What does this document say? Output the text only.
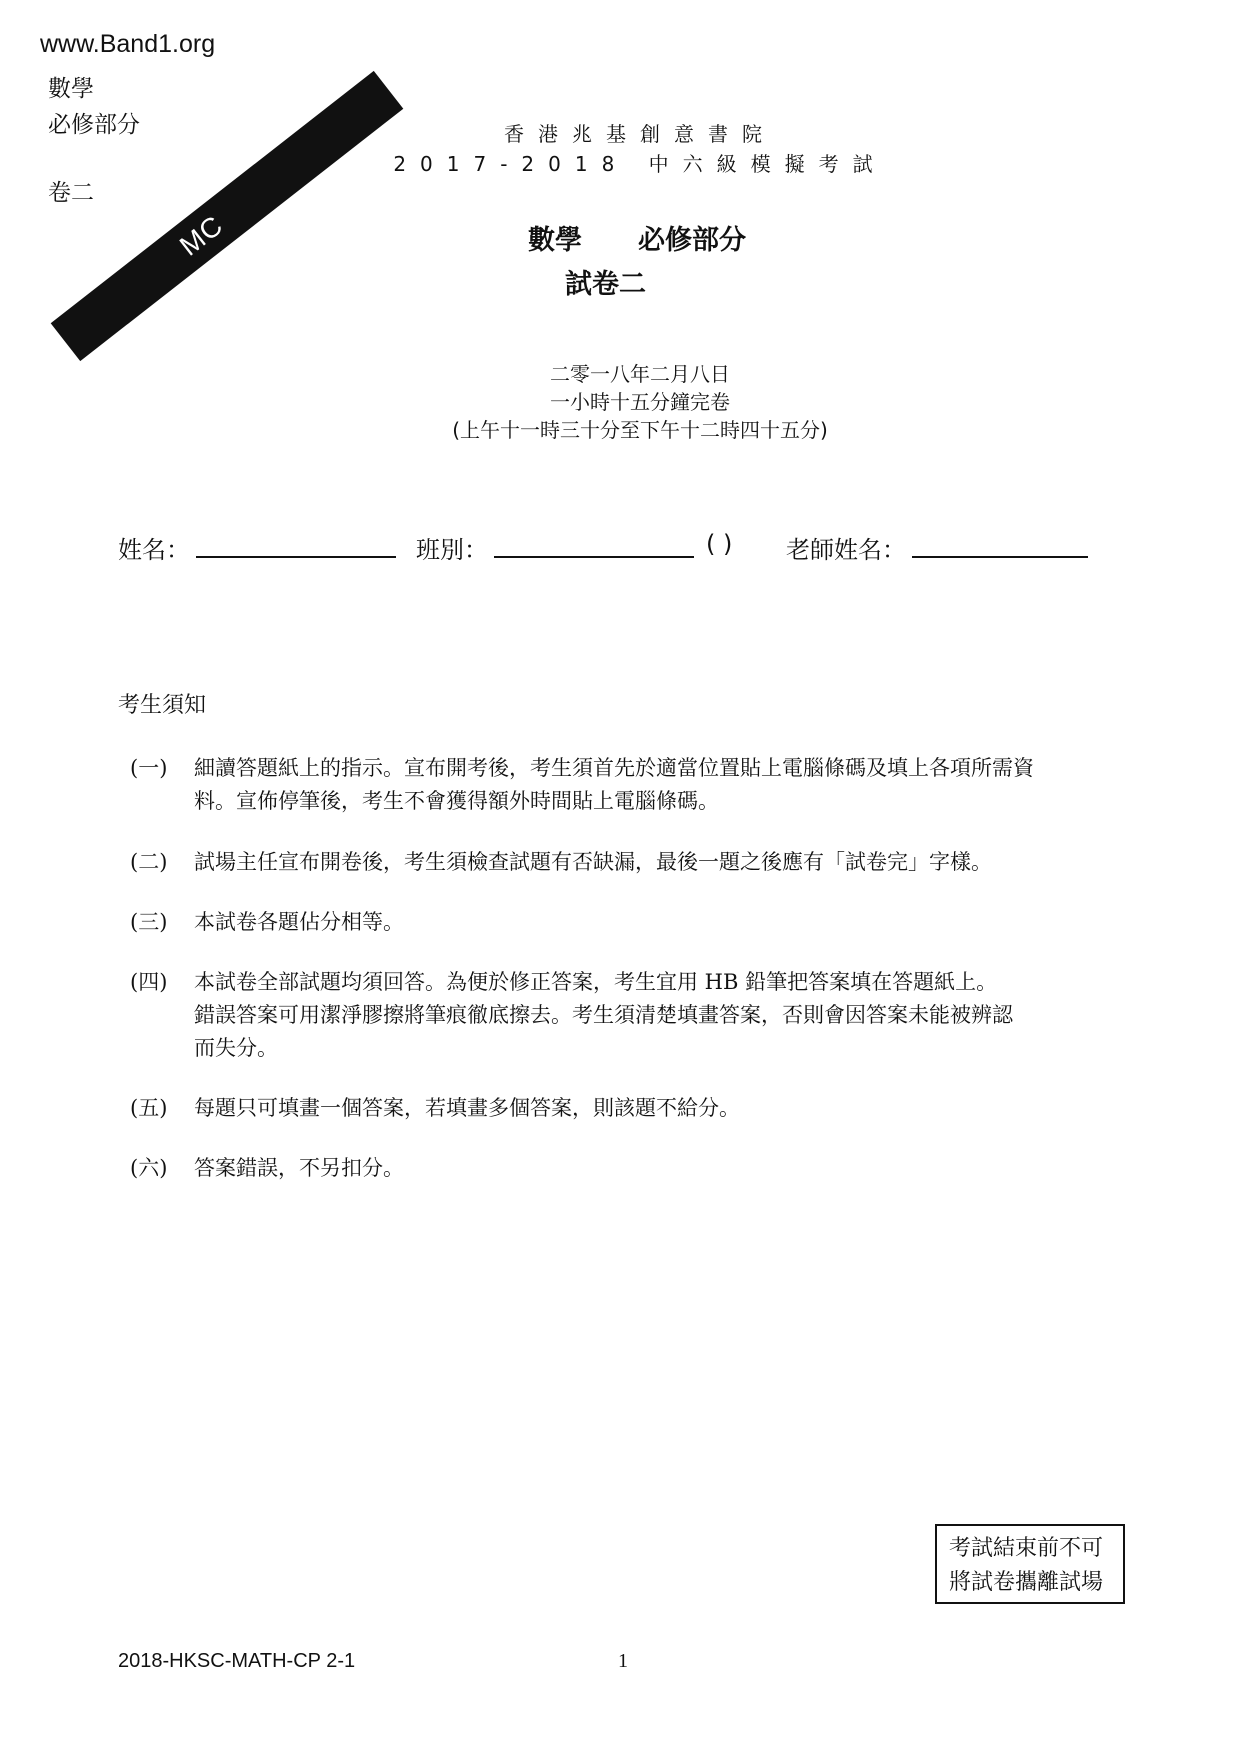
www.Band1.org
數學
必修部分
卷二
MC
香港兆基創意書院
2017-2018 中六級模擬考試
數學 必修部分
試卷二
二零一八年二月八日
一小時十五分鐘完卷
(上午十一時三十分至下午十二時四十五分)
姓名：	班別：	( ) 老師姓名：
考生須知
(一) 細讀答題紙上的指示。宣布開考後，考生須首先於適當位置貼上電腦條碼及填上各項所需資
料。宣佈停筆後，考生不會獲得額外時間貼上電腦條碼。
(二) 試場主任宣布開卷後，考生須檢查試題有否缺漏，最後一題之後應有「試卷完」字樣。
(三) 本試卷各題佔分相等。
(四) 本試卷全部試題均須回答。為便於修正答案，考生宜用 HB 鉛筆把答案填在答題紙上。
錯誤答案可用潔淨膠擦將筆痕徹底擦去。考生須清楚填畫答案，否則會因答案未能被辨認
而失分。
(五) 每題只可填畫一個答案，若填畫多個答案，則該題不給分。
(六) 答案錯誤，不另扣分。
考試結束前不可
將試卷攜離試場
2018-HKSC-MATH-CP 2-1	1
